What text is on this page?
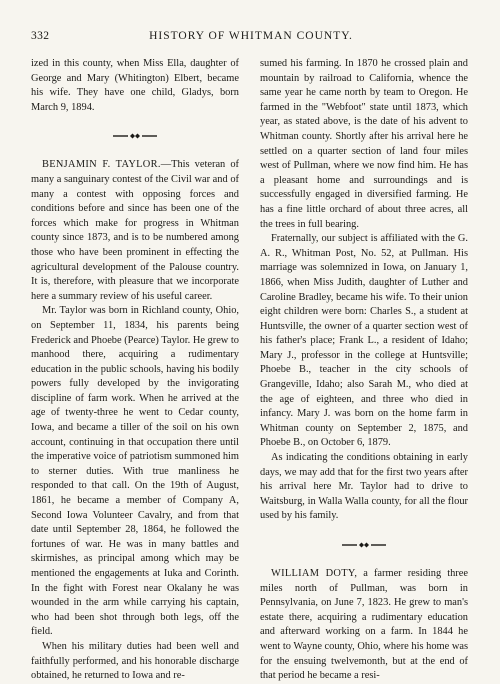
332	HISTORY OF WHITMAN COUNTY.

ized in this county, when Miss Ella, daughter of George and Mary (Whitington) Elbert, became his wife. They have one child, Gladys, born March 9, 1894.

BENJAMIN F. TAYLOR.—This veteran of many a sanguinary contest of the Civil war and of many a contest with opposing forces and conditions before and since has been one of the forces which make for progress in Whitman county since 1873, and is to be numbered among those who have been prominent in effecting the agricultural development of the Palouse country. It is, therefore, with pleasure that we incorporate here a summary review of his useful career.

Mr. Taylor was born in Richland county, Ohio, on September 11, 1834, his parents being Frederick and Phoebe (Pearce) Taylor. He grew to manhood there, acquiring a rudimentary education in the public schools, having his bodily powers fully developed by the invigorating discipline of farm work. When he arrived at the age of twenty-three he went to Cedar county, Iowa, and became a tiller of the soil on his own account, continuing in that occupation there until the imperative voice of patriotism summoned him to sterner duties. With true manliness he responded to that call. On the 19th of August, 1861, he became a member of Company A, Second Iowa Volunteer Cavalry, and from that date until September 28, 1864, he followed the fortunes of war. He was in many battles and skirmishes, as principal among which may be mentioned the engagements at Iuka and Corinth. In the fight with Forest near Okalany he was wounded in the arm while carrying his captain, who had been shot through both legs, off the field.

When his military duties had been well and faithfully performed, and his honorable discharge obtained, he returned to Iowa and re-

sumed his farming. In 1870 he crossed plain and mountain by railroad to California, whence the same year he came north by team to Oregon. He farmed in the "Webfoot" state until 1873, which year, as stated above, is the date of his advent to Whitman county. Shortly after his arrival here he settled on a quarter section of land four miles west of Pullman, where we now find him. He has a pleasant home and surroundings and is successfully engaged in diversified farming. He has a fine little orchard of about three acres, all the trees in full bearing.

Fraternally, our subject is affiliated with the G. A. R., Whitman Post, No. 52, at Pullman. His marriage was solemnized in Iowa, on January 1, 1866, when Miss Judith, daughter of Luther and Caroline Bradley, became his wife. To their union eight children were born: Charles S., a student at Huntsville, the owner of a quarter section west of his father's place; Frank L., a resident of Idaho; Mary J., professor in the college at Huntsville; Phoebe B., teacher in the city schools of Grangeville, Idaho; also Sarah M., who died at the age of eighteen, and three who died in infancy. Mary J. was born on the home farm in Whitman county on September 2, 1875, and Phoebe B., on October 6, 1879.

As indicating the conditions obtaining in early days, we may add that for the first two years after his arrival here Mr. Taylor had to drive to Waitsburg, in Walla Walla county, for all the flour used by his family.

WILLIAM DOTY, a farmer residing three miles north of Pullman, was born in Pennsylvania, on June 7, 1823. He grew to man's estate there, acquiring a rudimentary education and afterward working on a farm. In 1844 he went to Wayne county, Ohio, where his home was for the ensuing twelvemonth, but at the end of that period he became a resi-
